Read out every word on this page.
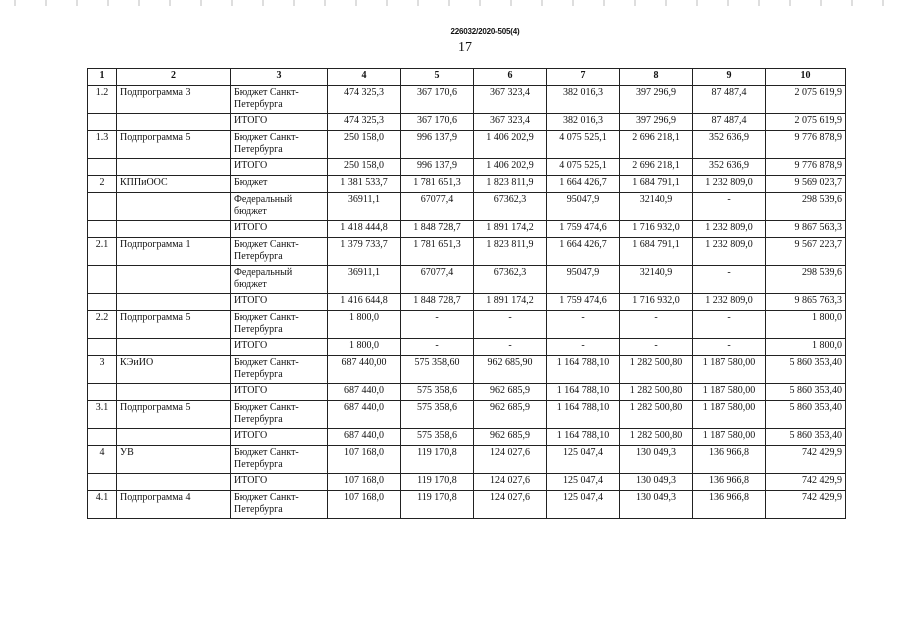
226032/2020-505(4)
17
1	2	3	4	5	6	7	8	9	10
1.2	Подпрограмма 3	Бюджет Санкт-Петербурга	474 325,3	367 170,6	367 323,4	382 016,3	397 296,9	87 487,4	2 075 619,9
		ИТОГО	474 325,3	367 170,6	367 323,4	382 016,3	397 296,9	87 487,4	2 075 619,9
1.3	Подпрограмма 5	Бюджет Санкт-Петербурга	250 158,0	996 137,9	1 406 202,9	4 075 525,1	2 696 218,1	352 636,9	9 776 878,9
		ИТОГО	250 158,0	996 137,9	1 406 202,9	4 075 525,1	2 696 218,1	352 636,9	9 776 878,9
2	КППиООС	Бюджет	1 381 533,7	1 781 651,3	1 823 811,9	1 664 426,7	1 684 791,1	1 232 809,0	9 569 023,7
		Федеральный бюджет	36911,1	67077,4	67362,3	95047,9	32140,9	-	298 539,6
		ИТОГО	1 418 444,8	1 848 728,7	1 891 174,2	1 759 474,6	1 716 932,0	1 232 809,0	9 867 563,3
2.1	Подпрограмма 1	Бюджет Санкт-Петербурга	1 379 733,7	1 781 651,3	1 823 811,9	1 664 426,7	1 684 791,1	1 232 809,0	9 567 223,7
		Федеральный бюджет	36911,1	67077,4	67362,3	95047,9	32140,9	-	298 539,6
		ИТОГО	1 416 644,8	1 848 728,7	1 891 174,2	1 759 474,6	1 716 932,0	1 232 809,0	9 865 763,3
2.2	Подпрограмма 5	Бюджет Санкт-Петербурга	1 800,0	-	-	-	-	-	1 800,0
		ИТОГО	1 800,0	-	-	-	-	-	1 800,0
3	КЭиИО	Бюджет Санкт-Петербурга	687 440,00	575 358,60	962 685,90	1 164 788,10	1 282 500,80	1 187 580,00	5 860 353,40
		ИТОГО	687 440,0	575 358,6	962 685,9	1 164 788,10	1 282 500,80	1 187 580,00	5 860 353,40
3.1	Подпрограмма 5	Бюджет Санкт-Петербурга	687 440,0	575 358,6	962 685,9	1 164 788,10	1 282 500,80	1 187 580,00	5 860 353,40
		ИТОГО	687 440,0	575 358,6	962 685,9	1 164 788,10	1 282 500,80	1 187 580,00	5 860 353,40
4	УВ	Бюджет Санкт-Петербурга	107 168,0	119 170,8	124 027,6	125 047,4	130 049,3	136 966,8	742 429,9
		ИТОГО	107 168,0	119 170,8	124 027,6	125 047,4	130 049,3	136 966,8	742 429,9
4.1	Подпрограмма 4	Бюджет Санкт-Петербурга	107 168,0	119 170,8	124 027,6	125 047,4	130 049,3	136 966,8	742 429,9
